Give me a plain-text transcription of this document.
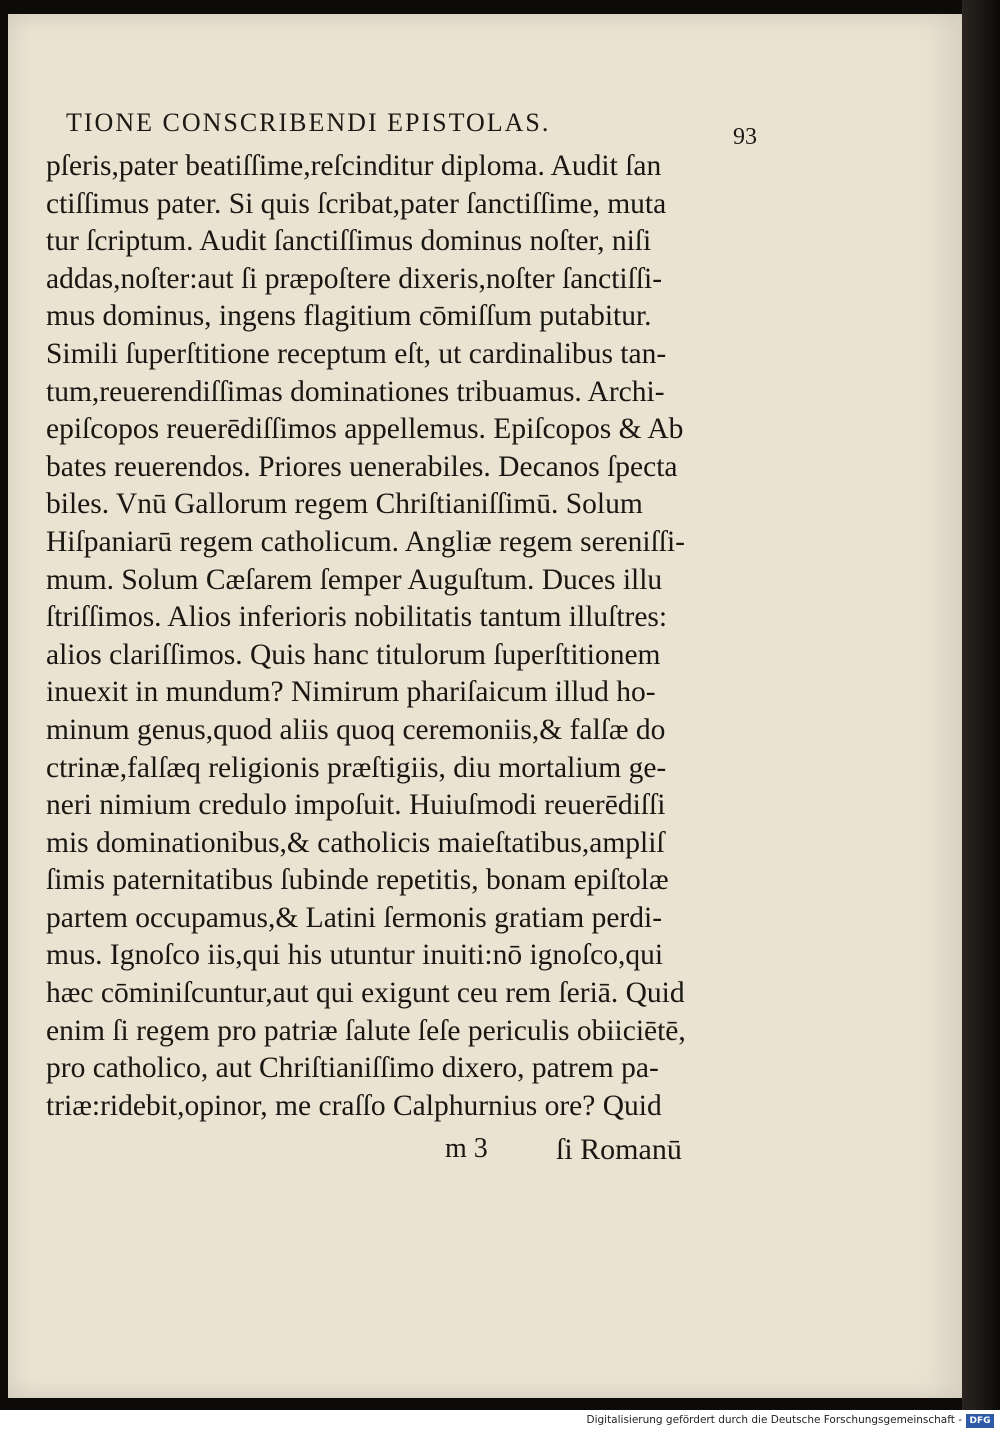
TIONE CONSCRIBENDI EPISTOLAS.	93
pſeris,pater beatiſſime,reſcinditur diploma. Audit ſan
ctiſſimus pater. Si quis ſcribat,pater ſanctiſſime, muta
tur ſcriptum. Audit ſanctiſſimus dominus noſter, niſi
addas,noſter:aut ſi præpoſtere dixeris,noſter ſanctiſſi-
mus dominus, ingens flagitium cōmiſſum putabitur.
Simili ſuperſtitione receptum eſt, ut cardinalibus tan-
tum,reuerendiſſimas dominationes tribuamus. Archi-
epiſcopos reuerēdiſſimos appellemus. Epiſcopos & Ab
bates reuerendos. Priores uenerabiles. Decanos ſpecta
biles. Vnū Gallorum regem Chriſtianiſſimū. Solum
Hiſpaniarū regem catholicum. Angliæ regem sereniſſi-
mum. Solum Cæſarem ſemper Auguſtum. Duces illu
ſtriſſimos. Alios inferioris nobilitatis tantum illuſtres:
alios clariſſimos. Quis hanc titulorum ſuperſtitionem
inuexit in mundum? Nimirum phariſaicum illud ho-
minum genus,quod aliis quoq ceremoniis,& falſæ do
ctrinæ,falſæq religionis præſtigiis, diu mortalium ge-
neri nimium credulo impoſuit. Huiuſmodi reuerēdiſſi
mis dominationibus,& catholicis maieſtatibus,ampliſ
ſimis paternitatibus ſubinde repetitis, bonam epiſtolæ
partem occupamus,& Latini ſermonis gratiam perdi-
mus. Ignoſco iis,qui his utuntur inuiti:nō ignoſco,qui
hæc cōminiſcuntur,aut qui exigunt ceu rem ſeriā. Quid
enim ſi regem pro patriæ ſalute ſeſe periculis obiiciētē,
pro catholico, aut Chriſtianiſſimo dixero, patrem pa-
triæ:ridebit,opinor, me craſſo Calphurnius ore? Quid
m 3 ſi Romanū
Digitalisierung gefördert durch die Deutsche Forschungsgemeinschaft - DFG
